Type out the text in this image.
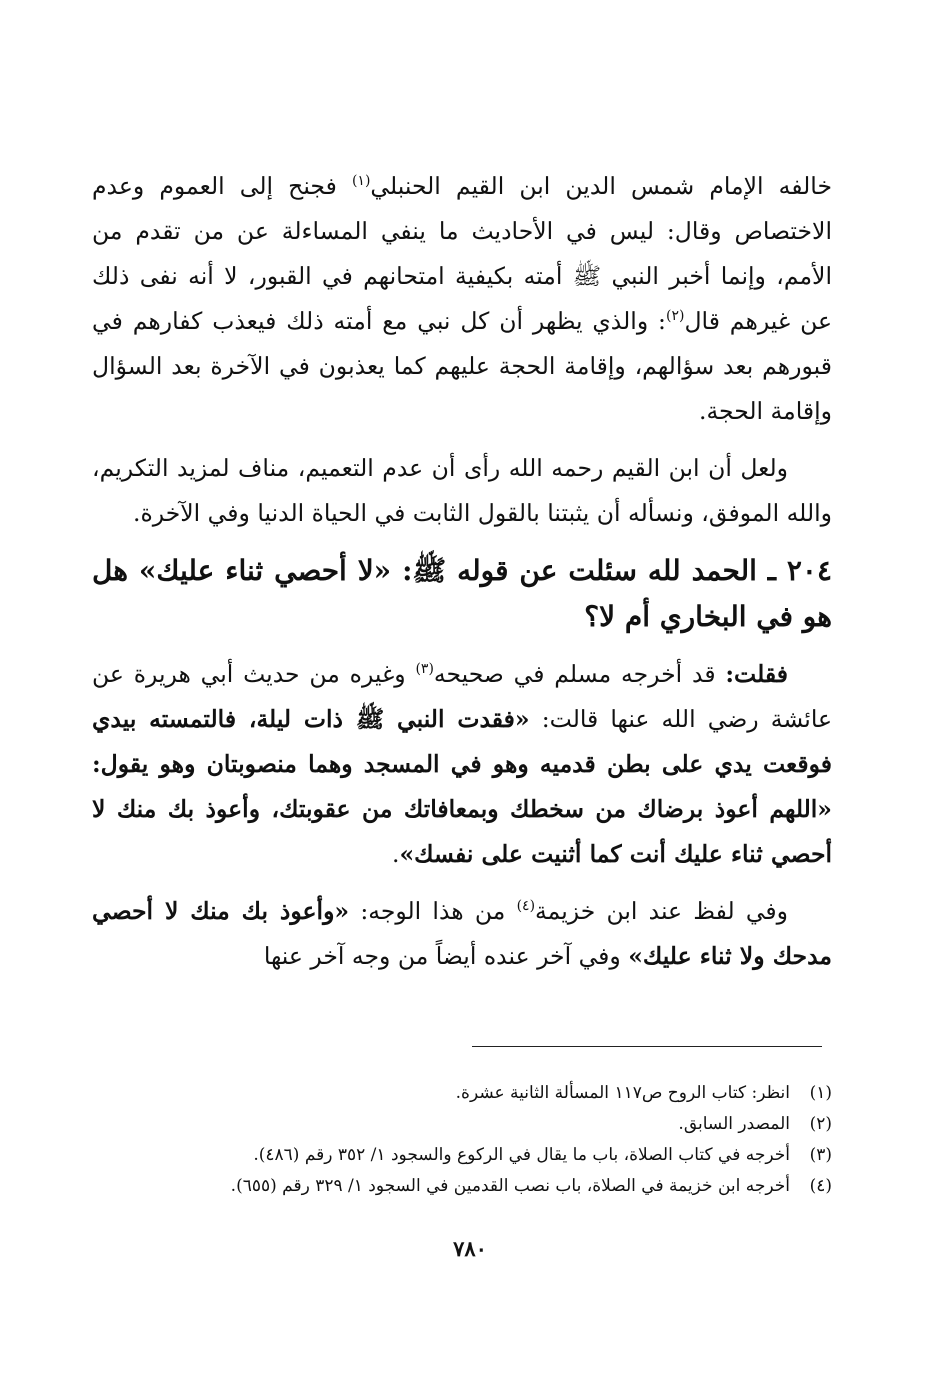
خالفه الإمام شمس الدين ابن القيم الحنبلي$^{(١)}$ فجنح إلى العموم وعدم الاختصاص وقال: ليس في الأحاديث ما ينفي المساءلة عن من تقدم من الأمم، وإنما أخبر النبي ﷺ أمته بكيفية امتحانهم في القبور، لا أنه نفى ذلك عن غيرهم قال$^{(٢)}$: والذي يظهر أن كل نبي مع أمته ذلك فيعذب كفارهم في قبورهم بعد سؤالهم، وإقامة الحجة عليهم كما يعذبون في الآخرة بعد السؤال وإقامة الحجة.

ولعل أن ابن القيم رحمه الله رأى أن عدم التعميم، مناف لمزيد التكريم، والله الموفق، ونسأله أن يثبتنا بالقول الثابت في الحياة الدنيا وفي الآخرة.

٢٠٤ ـ الحمد لله سئلت عن قوله ﷺ: «لا أحصي ثناء عليك» هل هو في البخاري أم لا؟

فقلت: قد أخرجه مسلم في صحيحه$^{(٣)}$ وغيره من حديث أبي هريرة عن عائشة رضي الله عنها قالت: «فقدت النبي ﷺ ذات ليلة، فالتمسته بيدي فوقعت يدي على بطن قدميه وهو في المسجد وهما منصوبتان وهو يقول: «اللهم أعوذ برضاك من سخطك وبمعافاتك من عقوبتك، وأعوذ بك منك لا أحصي ثناء عليك أنت كما أثنيت على نفسك».

وفي لفظ عند ابن خزيمة$^{(٤)}$ من هذا الوجه: «وأعوذ بك منك لا أحصي مدحك ولا ثناء عليك» وفي آخر عنده أيضاً من وجه آخر عنها

(١)
انظر: كتاب الروح ص١١٧ المسألة الثانية عشرة.
(٢)
المصدر السابق.
(٣)
أخرجه في كتاب الصلاة، باب ما يقال في الركوع والسجود ١/ ٣٥٢ رقم (٤٨٦).
(٤)
أخرجه ابن خزيمة في الصلاة، باب نصب القدمين في السجود ١/ ٣٢٩ رقم (٦٥٥).
٧٨٠
